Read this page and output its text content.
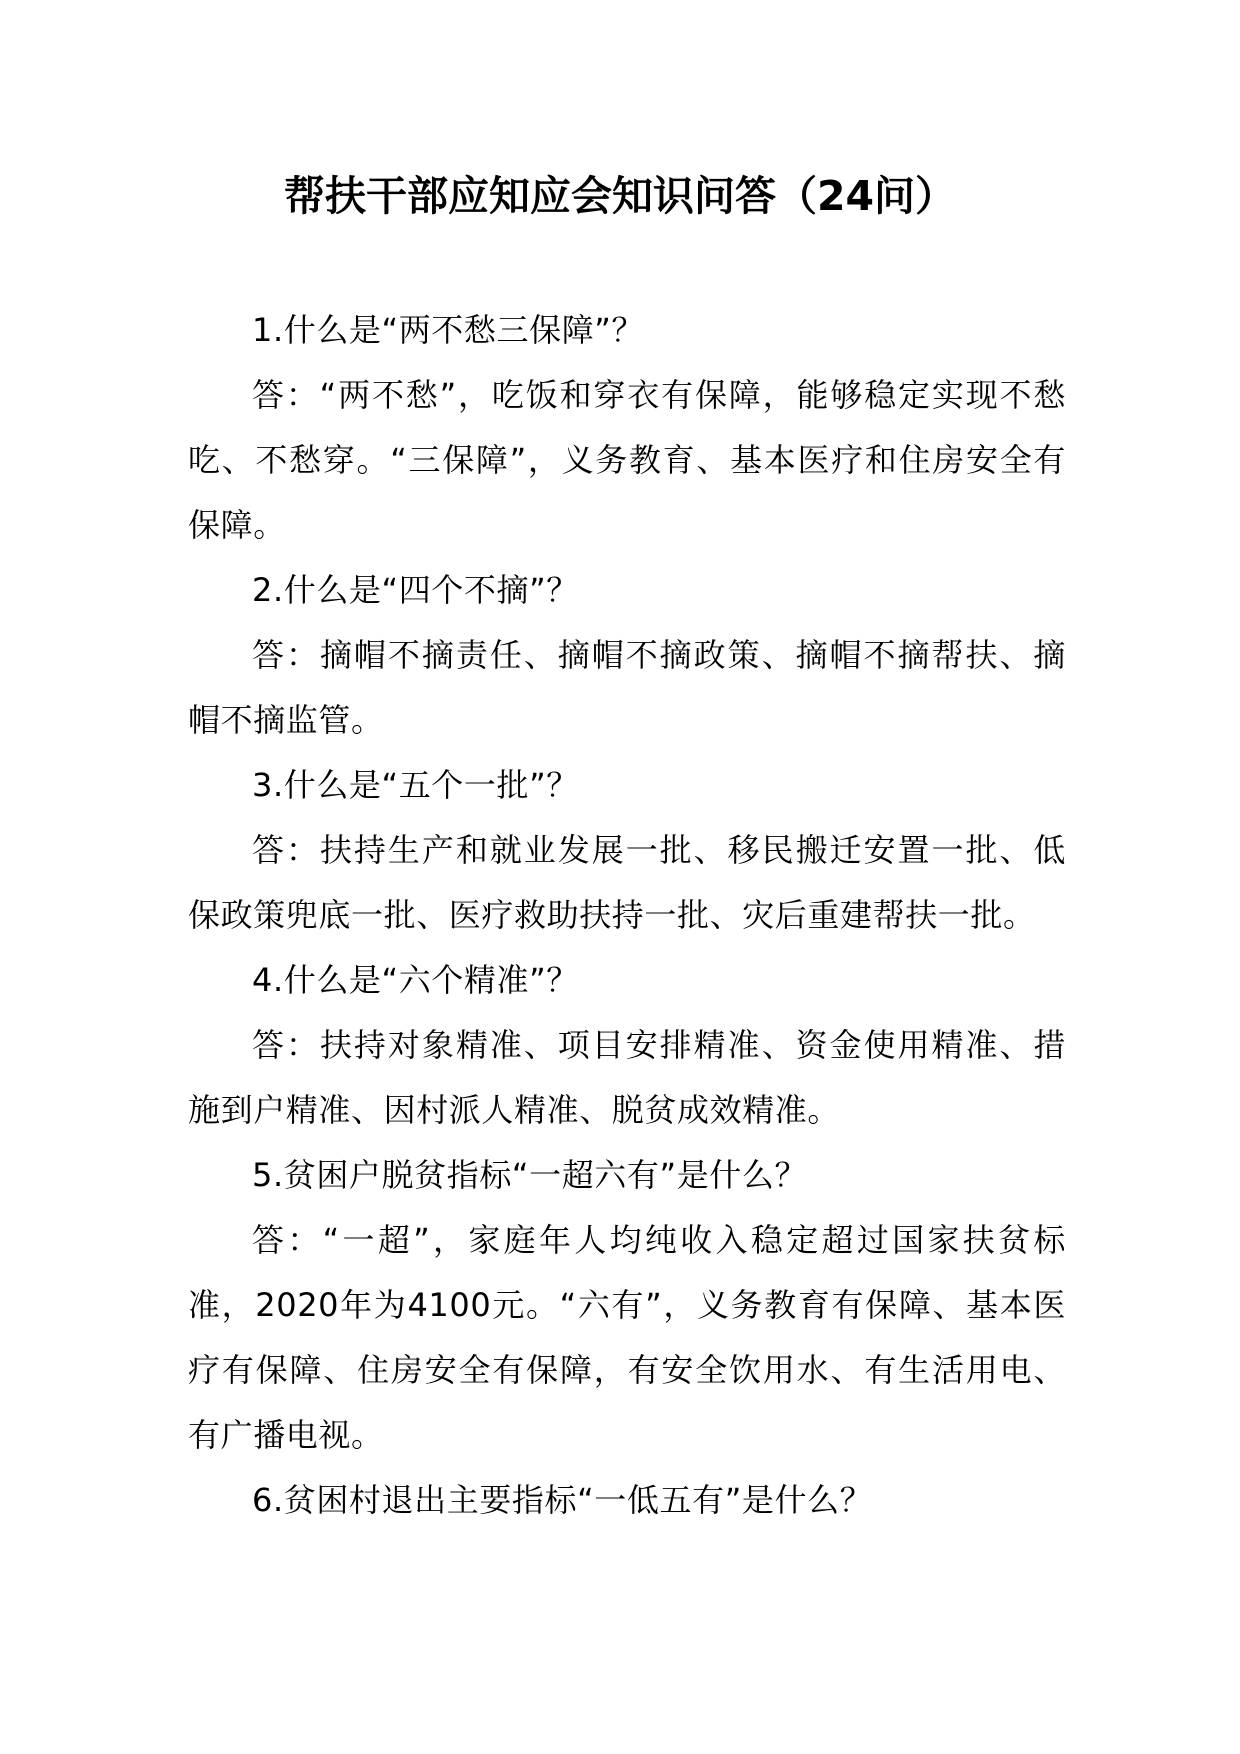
帮扶干部应知应会知识问答（24问）

1.什么是“两不愁三保障”？

答：“两不愁”，吃饭和穿衣有保障，能够稳定实现不愁吃、不愁穿。“三保障”，义务教育、基本医疗和住房安全有保障。

2.什么是“四个不摘”？

答：摘帽不摘责任、摘帽不摘政策、摘帽不摘帮扶、摘帽不摘监管。

3.什么是“五个一批”？

答：扶持生产和就业发展一批、移民搬迁安置一批、低保政策兜底一批、医疗救助扶持一批、灾后重建帮扶一批。

4.什么是“六个精准”？

答：扶持对象精准、项目安排精准、资金使用精准、措施到户精准、因村派人精准、脱贫成效精准。

5.贫困户脱贫指标“一超六有”是什么？

答：“一超”，家庭年人均纯收入稳定超过国家扶贫标准，2020年为4100元。“六有”，义务教育有保障、基本医疗有保障、住房安全有保障，有安全饮用水、有生活用电、有广播电视。

6.贫困村退出主要指标“一低五有”是什么？
